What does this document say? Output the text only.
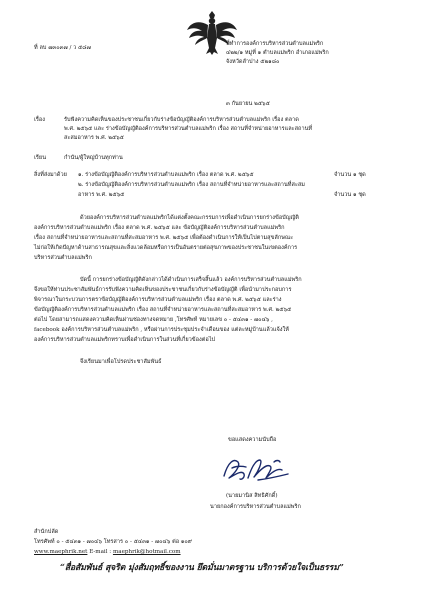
ที่ ลบ ๗๓๐๓๗ / ว ๕๘๗
ที่ทำการองค์การบริหารส่วนตำบลแม่พริก
๔๒๒/๑ หมู่ที่ ๑ ตำบลแม่พริก อำเภอแม่พริก
จังหวัดลำปาง ๕๒๑๘๐
๓ กันยายน ๒๕๖๕
เรื่อง	รับฟังความคิดเห็นของประชาชนเกี่ยวกับร่างข้อบัญญัติองค์การบริหารส่วนตำบลแม่พริก เรื่อง ตลาด
พ.ศ. ๒๕๖๕ และ ร่างข้อบัญญัติองค์การบริหารส่วนตำบลแม่พริก เรื่อง สถานที่จำหน่ายอาหารและสถานที่
สะสมอาหาร พ.ศ. ๒๕๖๕
เรียน	กำนัน/ผู้ใหญ่บ้านทุกท่าน
สิ่งที่ส่งมาด้วย ๑. ร่างข้อบัญญัติองค์การบริหารส่วนตำบลแม่พริก เรื่อง ตลาด พ.ศ. ๒๕๖๕	จำนวน ๑ ชุด
๒. ร่างข้อบัญญัติองค์การบริหารส่วนตำบลแม่พริก เรื่อง สถานที่จำหน่ายอาหารและสถานที่สะสม
อาหาร พ.ศ. ๒๕๖๕	จำนวน ๑ ชุด
ด้วยองค์การบริหารส่วนตำบลแม่พริกได้แต่งตั้งคณะกรรมการเพื่อดำเนินการยกร่างข้อบัญญัติ
องค์การบริหารส่วนตำบลแม่พริก เรื่อง ตลาด พ.ศ. ๒๕๖๕ และ ข้อบัญญัติองค์การบริหารส่วนตำบลแม่พริก
เรื่อง สถานที่จำหน่ายอาหารและสถานที่สะสมอาหาร พ.ศ. ๒๕๖๕ เพื่อต้องดำเนินการให้เป็นไปตามสุขลักษณะ
ไม่ก่อให้เกิดปัญหาด้านสาธารณสุขและสิ่งแวดล้อมหรือการเป็นอันตรายต่อสุขภาพของประชาชนในเขตองค์การ
บริหารส่วนตำบลแม่พริก
บัดนี้ การยกร่างข้อบัญญัติดังกล่าวได้ดำเนินการเสร็จสิ้นแล้ว องค์การบริหารส่วนตำบลแม่พริก
จึงขอให้ท่านประชาสัมพันธ์การรับฟังความคิดเห็นของประชาชนเกี่ยวกับร่างข้อบัญญัติ เพื่อนำมาประกอบการ
พิจารณาในกระบวนการตราข้อบัญญัติองค์การบริหารส่วนตำบลแม่พริก เรื่อง ตลาด พ.ศ. ๒๕๖๕ และร่าง
ข้อบัญญัติองค์การบริหารส่วนตำบลแม่พริก เรื่อง สถานที่จำหน่ายอาหารและสถานที่สะสมอาหาร พ.ศ. ๒๕๖๕
ต่อไป โดยสามารถแสดงความคิดเห็นผ่านช่องทางจดหมาย ,โทรศัพท์ หมายเลข ๐ - ๕๔๓๑ - ๗๐๔๖ ,
facebook องค์การบริหารส่วนตำบลแม่พริก , หรือผ่านการประชุมประจำเดือนของ แต่ละหมู่บ้านแล้วแจ้งให้
องค์การบริหารส่วนตำบลแม่พริกทราบเพื่อดำเนินการในส่วนที่เกี่ยวข้องต่อไป
จึงเรียนมาเพื่อโปรดประชาสัมพันธ์
ขอแสดงความนับถือ
(นายมานิส สิทธิศักดิ์)
นายกองค์การบริหารส่วนตำบลแม่พริก
สำนักปลัด
โทรศัพท์ ๐ - ๕๔๓๑ - ๗๐๔๖ โทรสาร ๐ - ๕๔๓๑ - ๗๐๔๖ ต่อ ๑๐๙
www.maephrik.net E-mail : maephrik@hotmail.com
“สื่อสัมพันธ์ สุจริต มุ่งสัมฤทธิ์ของงาน ยึดมั่นมาตรฐาน บริการด้วยใจเป็นธรรม”
